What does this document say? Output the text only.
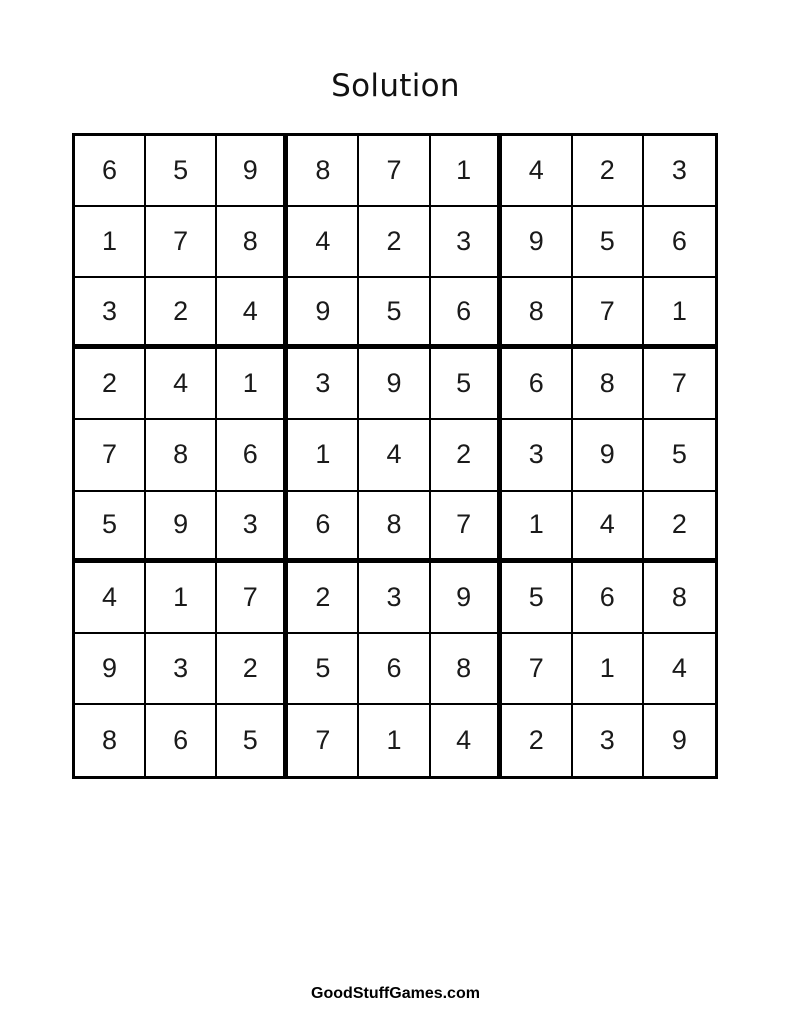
Solution
6	5	9	8	7	1	4	2	3
1	7	8	4	2	3	9	5	6
3	2	4	9	5	6	8	7	1
2	4	1	3	9	5	6	8	7
7	8	6	1	4	2	3	9	5
5	9	3	6	8	7	1	4	2
4	1	7	2	3	9	5	6	8
9	3	2	5	6	8	7	1	4
8	6	5	7	1	4	2	3	9
GoodStuffGames.com
